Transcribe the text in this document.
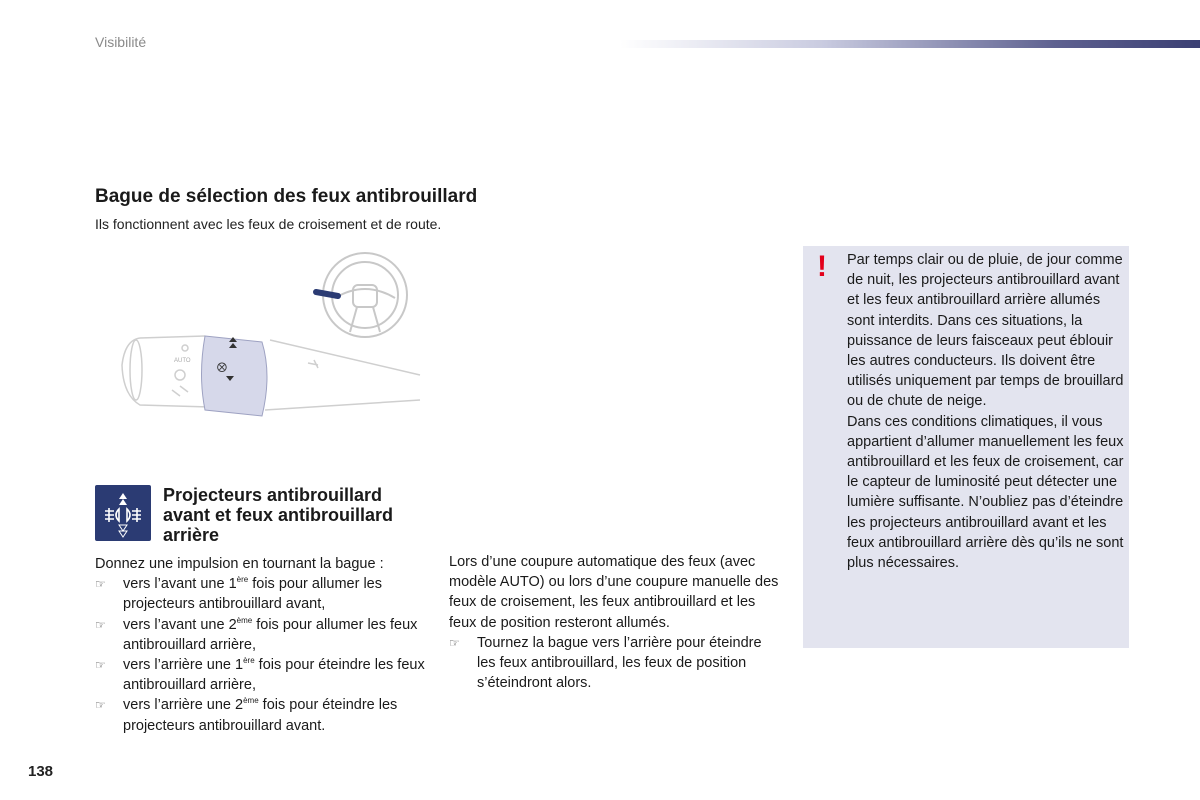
Visibilité
Bague de sélection des feux antibrouillard
Ils fonctionnent avec les feux de croisement et de route.
AUTO
⨂
Projecteurs antibrouillard avant et feux antibrouillard arrière
Donnez une impulsion en tournant la bague :
☞ vers l’avant une 1ère fois pour allumer les projecteurs antibrouillard avant,
☞ vers l’avant une 2ème fois pour allumer les feux antibrouillard arrière,
☞ vers l’arrière une 1ère fois pour éteindre les feux antibrouillard arrière,
☞ vers l’arrière une 2ème fois pour éteindre les projecteurs antibrouillard avant.
Lors d’une coupure automatique des feux (avec modèle AUTO) ou lors d’une coupure manuelle des feux de croisement, les feux antibrouillard et les feux de position resteront allumés.
☞ Tournez la bague vers l’arrière pour éteindre les feux antibrouillard, les feux de position s’éteindront alors.
! Par temps clair ou de pluie, de jour comme de nuit, les projecteurs antibrouillard avant et les feux antibrouillard arrière allumés sont interdits. Dans ces situations, la puissance de leurs faisceaux peut éblouir les autres conducteurs. Ils doivent être utilisés uniquement par temps de brouillard ou de chute de neige.

Dans ces conditions climatiques, il vous appartient d’allumer manuellement les feux antibrouillard et les feux de croisement, car le capteur de luminosité peut détecter une lumière suffisante. N’oubliez pas d’éteindre les projecteurs antibrouillard avant et les feux antibrouillard arrière dès qu’ils ne sont plus nécessaires.

138
